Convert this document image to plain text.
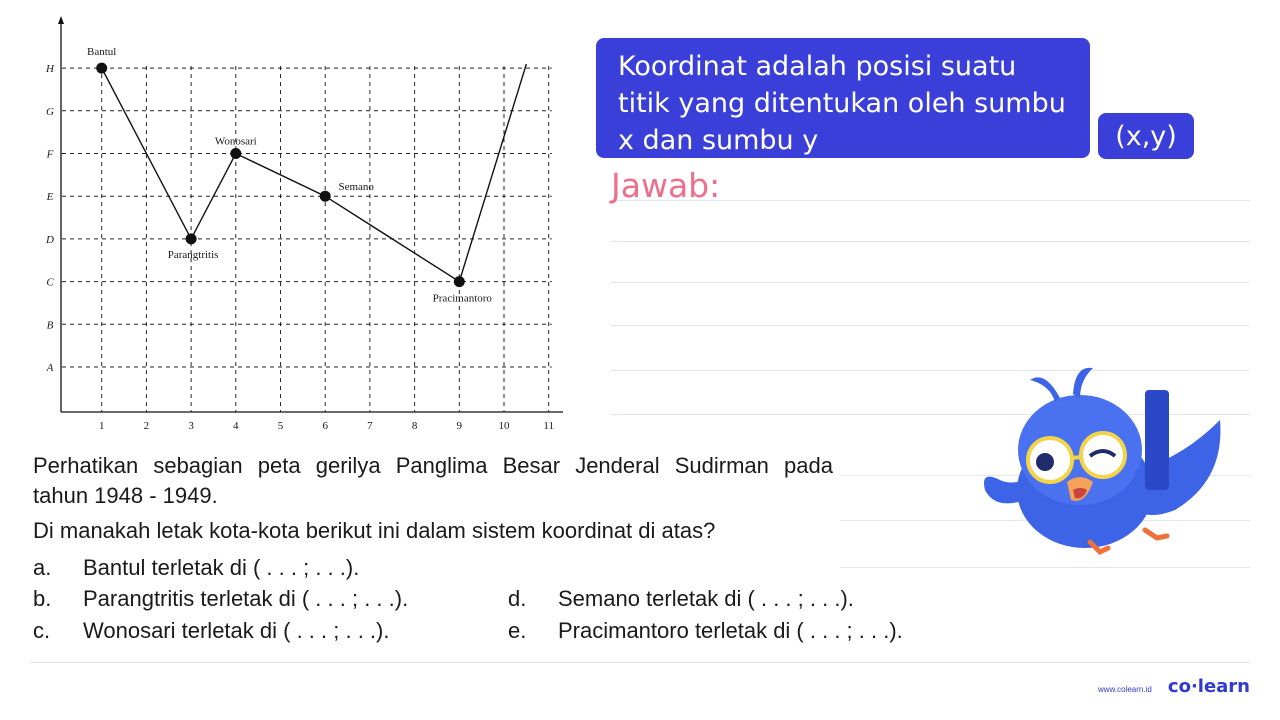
1	2	3	4	5	6	7	8	9	10	11
A
B
C
D
E
F
G
H
Bantul
Parangtritis
Wonosari
Semano
Pracimantoro
Koordinat adalah posisi suatu
titik yang ditentukan oleh sumbu
x dan sumbu y	(x,y)
Jawab:
Perhatikan sebagian peta gerilya Panglima Besar Jenderal Sudirman pada
tahun 1948 - 1949.
Di manakah letak kota-kota berikut ini dalam sistem koordinat di atas?
a. Bantul terletak di ( . . . ; . . .).
b. Parangtritis terletak di ( . . . ; . . .).
c. Wonosari terletak di ( . . . ; . . .).
d. Semano terletak di ( . . . ; . . .).
e. Pracimantoro terletak di ( . . . ; . . .).
www.colearn.id co·learn
